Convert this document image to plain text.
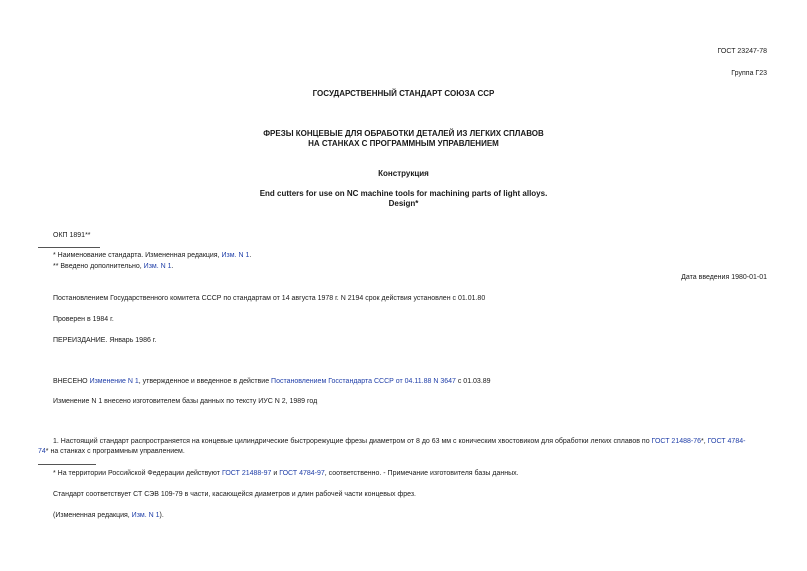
ГОСТ 23247-78
Группа Г23
ГОСУДАРСТВЕННЫЙ СТАНДАРТ СОЮЗА ССР
ФРЕЗЫ КОНЦЕВЫЕ ДЛЯ ОБРАБОТКИ ДЕТАЛЕЙ ИЗ ЛЕГКИХ СПЛАВОВ
НА СТАНКАХ С ПРОГРАММНЫМ УПРАВЛЕНИЕМ
Конструкция
End cutters for use on NC machine tools for machining parts of light alloys.
Design*
ОКП 1891**
* Наименование стандарта. Измененная редакция, Изм. N 1.
** Введено дополнительно, Изм. N 1.
Дата введения 1980-01-01
Постановлением Государственного комитета СССР по стандартам от 14 августа 1978 г. N 2194 срок действия установлен с 01.01.80
Проверен в 1984 г.
ПЕРЕИЗДАНИЕ. Январь 1986 г.
ВНЕСЕНО Изменение N 1, утвержденное и введенное в действие Постановлением Госстандарта СССР от 04.11.88 N 3647 с 01.03.89
Изменение N 1 внесено изготовителем базы данных по тексту ИУС N 2, 1989 год
1. Настоящий стандарт распространяется на концевые цилиндрические быстрорежущие фрезы диаметром от 8 до 63 мм с коническим хвостовиком для обработки легких сплавов по ГОСТ 21488-76*, ГОСТ 4784-
74* на станках с программным управлением.
* На территории Российской Федерации действуют ГОСТ 21488-97 и ГОСТ 4784-97, соответственно. - Примечание изготовителя базы данных.
Стандарт соответствует СТ СЭВ 109-79 в части, касающейся диаметров и длин рабочей части концевых фрез.
(Измененная редакция, Изм. N 1).
